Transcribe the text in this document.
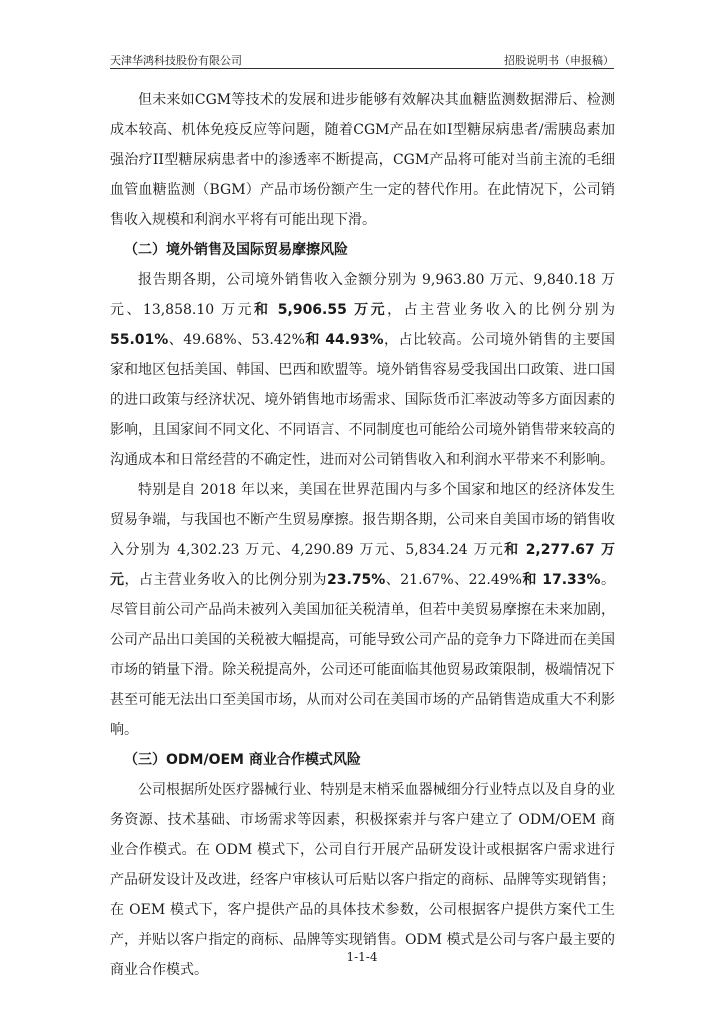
天津华鸿科技股份有限公司	招股说明书（申报稿）

但未来如CGM等技术的发展和进步能够有效解决其血糖监测数据滞后、检测成本较高、机体免疫反应等问题，随着CGM产品在如I型糖尿病患者/需胰岛素加强治疗II型糖尿病患者中的渗透率不断提高，CGM产品将可能对当前主流的毛细血管血糖监测（BGM）产品市场份额产生一定的替代作用。在此情况下，公司销售收入规模和利润水平将有可能出现下滑。

（二）境外销售及国际贸易摩擦风险

报告期各期，公司境外销售收入金额分别为 9,963.80 万元、9,840.18 万元、13,858.10 万元和 5,906.55 万元，占主营业务收入的比例分别为55.01%、49.68%、53.42%和 44.93%，占比较高。公司境外销售的主要国家和地区包括美国、韩国、巴西和欧盟等。境外销售容易受我国出口政策、进口国的进口政策与经济状况、境外销售地市场需求、国际货币汇率波动等多方面因素的影响，且国家间不同文化、不同语言、不同制度也可能给公司境外销售带来较高的沟通成本和日常经营的不确定性，进而对公司销售收入和利润水平带来不利影响。

特别是自 2018 年以来，美国在世界范围内与多个国家和地区的经济体发生贸易争端，与我国也不断产生贸易摩擦。报告期各期，公司来自美国市场的销售收入分别为 4,302.23 万元、4,290.89 万元、5,834.24 万元和 2,277.67 万元，占主营业务收入的比例分别为23.75%、21.67%、22.49%和 17.33%。尽管目前公司产品尚未被列入美国加征关税清单，但若中美贸易摩擦在未来加剧，公司产品出口美国的关税被大幅提高，可能导致公司产品的竞争力下降进而在美国市场的销量下滑。除关税提高外，公司还可能面临其他贸易政策限制，极端情况下甚至可能无法出口至美国市场，从而对公司在美国市场的产品销售造成重大不利影响。

（三）ODM/OEM 商业合作模式风险

公司根据所处医疗器械行业、特别是末梢采血器械细分行业特点以及自身的业务资源、技术基础、市场需求等因素，积极探索并与客户建立了 ODM/OEM 商业合作模式。在 ODM 模式下，公司自行开展产品研发设计或根据客户需求进行产品研发设计及改进，经客户审核认可后贴以客户指定的商标、品牌等实现销售；在 OEM 模式下，客户提供产品的具体技术参数，公司根据客户提供方案代工生产，并贴以客户指定的商标、品牌等实现销售。ODM 模式是公司与客户最主要的商业合作模式。

1-1-4
